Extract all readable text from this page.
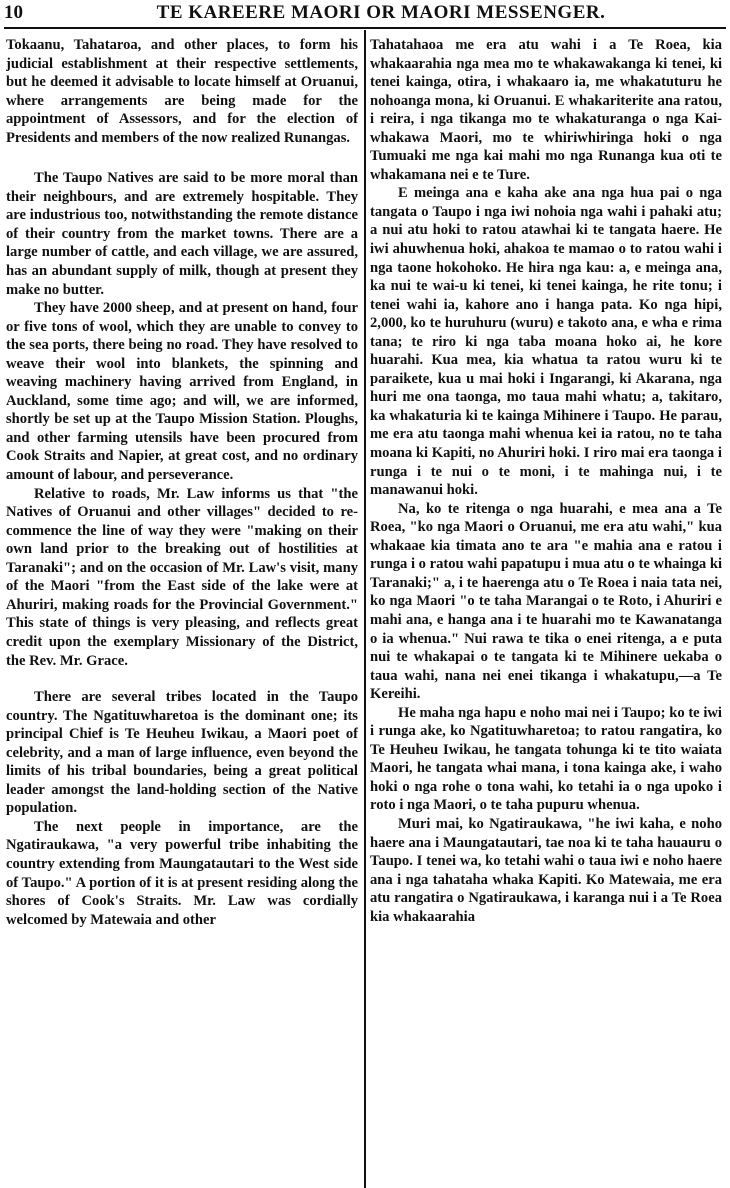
10	TE KAREERE MAORI OR MAORI MESSENGER.

Tokaanu, Tahataroa, and other places, to form his judicial establishment at their respective settlements, but he deemed it advisable to locate himself at Oruanui, where arrangements are being made for the appointment of Assessors, and for the election of Presidents and members of the now realized Runangas.

The Taupo Natives are said to be more moral than their neighbours, and are extremely hospitable. They are industrious too, notwithstanding the remote distance of their country from the market towns. There are a large number of cattle, and each village, we are assured, has an abundant supply of milk, though at present they make no butter.

They have 2000 sheep, and at present on hand, four or five tons of wool, which they are unable to convey to the sea ports, there being no road. They have resolved to weave their wool into blankets, the spinning and weaving machinery having arrived from England, in Auckland, some time ago; and will, we are informed, shortly be set up at the Taupo Mission Station. Ploughs, and other farming utensils have been procured from Cook Straits and Napier, at great cost, and no ordinary amount of labour, and perseverance.

Relative to roads, Mr. Law informs us that "the Natives of Oruanui and other villages" decided to re-commence the line of way they were "making on their own land prior to the breaking out of hostilities at Taranaki"; and on the occasion of Mr. Law's visit, many of the Maori "from the East side of the lake were at Ahuriri, making roads for the Provincial Government." This state of things is very pleasing, and reflects great credit upon the exemplary Missionary of the District, the Rev. Mr. Grace.

There are several tribes located in the Taupo country. The Ngatituwharetoa is the dominant one; its principal Chief is Te Heuheu Iwikau, a Maori poet of celebrity, and a man of large influence, even beyond the limits of his tribal boundaries, being a great political leader amongst the land-holding section of the Native population.

The next people in importance, are the Ngatiraukawa, "a very powerful tribe inhabiting the country extending from Maungatautari to the West side of Taupo." A portion of it is at present residing along the shores of Cook's Straits. Mr. Law was cordially welcomed by Matewaia and other

Tahatahaoa me era atu wahi i a Te Roea, kia whakaarahia nga mea mo te whakawakanga ki tenei, ki tenei kainga, otira, i whakaaro ia, me whakatuturu he nohoanga mona, ki Oruanui. E whakariterite ana ratou, i reira, i nga tikanga mo te whakaturanga o nga Kai-whakawa Maori, mo te whiriwhiringa hoki o nga Tumuaki me nga kai mahi mo nga Runanga kua oti te whakamana nei e te Ture.

E meinga ana e kaha ake ana nga hua pai o nga tangata o Taupo i nga iwi nohoia nga wahi i pahaki atu; a nui atu hoki to ratou atawhai ki te tangata haere. He iwi ahuwhenua hoki, ahakoa te mamao o to ratou wahi i nga taone hokohoko. He hira nga kau: a, e meinga ana, ka nui te wai-u ki tenei, ki tenei kainga, he rite tonu; i tenei wahi ia, kahore ano i hanga pata. Ko nga hipi, 2,000, ko te huruhuru (wuru) e takoto ana, e wha e rima tana; te riro ki nga taba moana hoko ai, he kore huarahi. Kua mea, kia whatua ta ratou wuru ki te paraikete, kua u mai hoki i Ingarangi, ki Akarana, nga huri me ona taonga, mo taua mahi whatu; a, takitaro, ka whakaturia ki te kainga Mihinere i Taupo. He parau, me era atu taonga mahi whenua kei ia ratou, no te taha moana ki Kapiti, no Ahuriri hoki. I riro mai era taonga i runga i te nui o te moni, i te mahinga nui, i te manawanui hoki.

Na, ko te ritenga o nga huarahi, e mea ana a Te Roea, "ko nga Maori o Oruanui, me era atu wahi," kua whakaae kia timata ano te ara "e mahia ana e ratou i runga i o ratou wahi papatupu i mua atu o te whainga ki Taranaki;" a, i te haerenga atu o Te Roea i naia tata nei, ko nga Maori "o te taha Marangai o te Roto, i Ahuriri e mahi ana, e hanga ana i te huarahi mo te Kawanatanga o ia whenua." Nui rawa te tika o enei ritenga, a e puta nui te whakapai o te tangata ki te Mihinere uekaba o taua wahi, nana nei enei tikanga i whakatupu,—a Te Kereihi.

He maha nga hapu e noho mai nei i Taupo; ko te iwi i runga ake, ko Ngatituwharetoa; to ratou rangatira, ko Te Heuheu Iwikau, he tangata tohunga ki te tito waiata Maori, he tangata whai mana, i tona kainga ake, i waho hoki o nga rohe o tona wahi, ko tetahi ia o nga upoko i roto i nga Maori, o te taha pupuru whenua.

Muri mai, ko Ngatiraukawa, "he iwi kaha, e noho haere ana i Maungatautari, tae noa ki te taha hauauru o Taupo. I tenei wa, ko tetahi wahi o taua iwi e noho haere ana i nga tahataha whaka Kapiti. Ko Matewaia, me era atu rangatira o Ngatiraukawa, i karanga nui i a Te Roea kia whakaarahia
